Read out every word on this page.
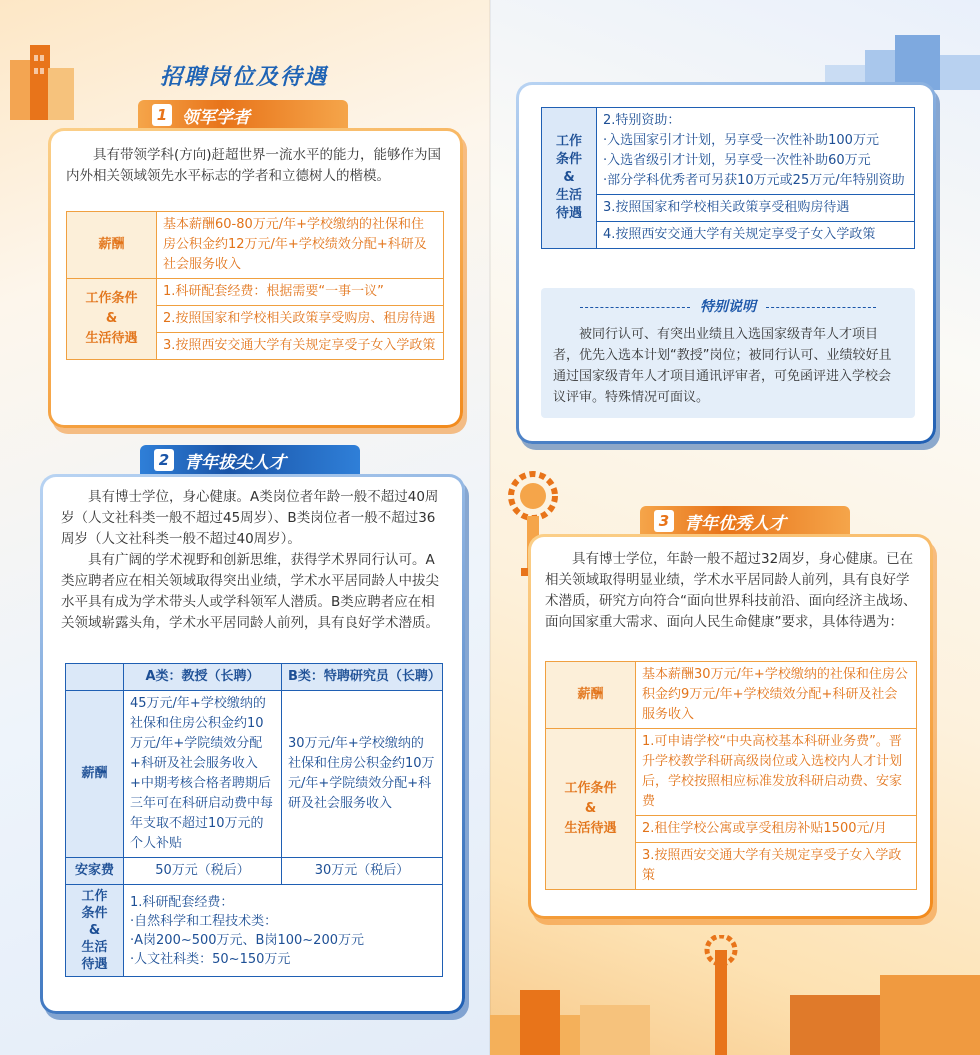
招聘岗位及待遇
1 领军学者

具有带领学科(方向)赶超世界一流水平的能力，能够作为国内外相关领域领先水平标志的学者和立德树人的楷模。

薪酬	基本薪酬60-80万元/年+学校缴纳的社保和住房公积金约12万元/年+学校绩效分配+科研及社会服务收入
工作条件
&
生活待遇	1.科研配套经费：根据需要“一事一议”
	2.按照国家和学校相关政策享受购房、租房待遇
	3.按照西安交通大学有关规定享受子女入学政策
工作
条件
&
生活
待遇	2.特别资助：
·入选国家引才计划，另享受一次性补助100万元
·入选省级引才计划，另享受一次性补助60万元
·部分学科优秀者可另获10万元或25万元/年特别资助
3.按照国家和学校相关政策享受租购房待遇
4.按照西安交通大学有关规定享受子女入学政策
特别说明

被同行认可、有突出业绩且入选国家级青年人才项目者，优先入选本计划“教授”岗位；被同行认可、业绩较好且通过国家级青年人才项目通讯评审者，可免函评进入学校会议评审。特殊情况可面议。

2 青年拔尖人才

具有博士学位，身心健康。A类岗位者年龄一般不超过40周岁（人文社科类一般不超过45周岁）、B类岗位者一般不超过36周岁（人文社科类一般不超过40周岁）。

具有广阔的学术视野和创新思维，获得学术界同行认可。A类应聘者应在相关领域取得突出业绩，学术水平居同龄人中拔尖水平具有成为学术带头人或学科领军人潜质。B类应聘者应在相关领域崭露头角，学术水平居同龄人前列，具有良好学术潜质。

	A类：教授（长聘）	B类：特聘研究员（长聘）
薪酬	45万元/年+学校缴纳的社保和住房公积金约10万元/年+学院绩效分配+科研及社会服务收入+中期考核合格者聘期后三年可在科研启动费中每年支取不超过10万元的个人补贴	30万元/年+学校缴纳的社保和住房公积金约10万元/年+学院绩效分配+科研及社会服务收入
安家费	50万元（税后）	30万元（税后）
工作
条件
&
生活
待遇	1.科研配套经费：
·自然科学和工程技术类：
·A岗200~500万元、B岗100~200万元
·人文社科类：50~150万元	
3 青年优秀人才

具有博士学位，年龄一般不超过32周岁，身心健康。已在相关领域取得明显业绩，学术水平居同龄人前列，具有良好学术潜质，研究方向符合“面向世界科技前沿、面向经济主战场、面向国家重大需求、面向人民生命健康”要求，具体待遇为：

薪酬	基本薪酬30万元/年+学校缴纳的社保和住房公积金约9万元/年+学校绩效分配+科研及社会服务收入
工作条件
&
生活待遇	1.可申请学校“中央高校基本科研业务费”。晋升学校教学科研高级岗位或入选校内人才计划后，学校按照相应标准发放科研启动费、安家费
	2.租住学校公寓或享受租房补贴1500元/月
	3.按照西安交通大学有关规定享受子女入学政策
